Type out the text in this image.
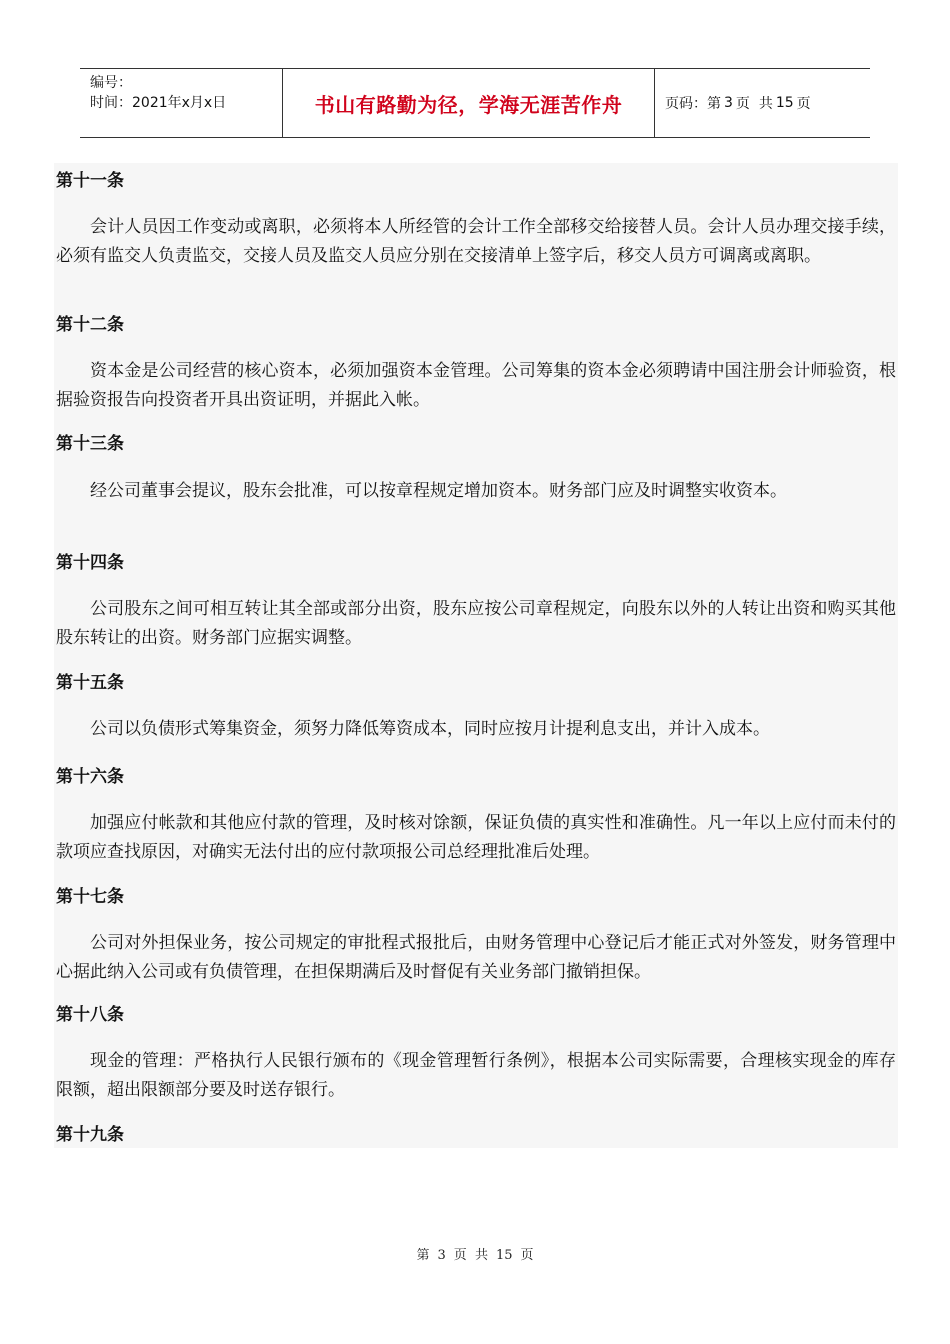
编号：
时间：2021年x月x日	书山有路勤为径，学海无涯苦作舟	页码：第 3 页  共 15 页
第十一条
会计人员因工作变动或离职，必须将本人所经管的会计工作全部移交给接替人员。会计人员办理交接手续，必须有监交人负责监交，交接人员及监交人员应分别在交接清单上签字后，移交人员方可调离或离职。
第十二条
资本金是公司经营的核心资本，必须加强资本金管理。公司筹集的资本金必须聘请中国注册会计师验资，根据验资报告向投资者开具出资证明，并据此入帐。
第十三条
经公司董事会提议，股东会批准，可以按章程规定增加资本。财务部门应及时调整实收资本。
第十四条
公司股东之间可相互转让其全部或部分出资，股东应按公司章程规定，向股东以外的人转让出资和购买其他股东转让的出资。财务部门应据实调整。
第十五条
公司以负债形式筹集资金，须努力降低筹资成本，同时应按月计提利息支出，并计入成本。
第十六条
加强应付帐款和其他应付款的管理，及时核对馀额，保证负债的真实性和准确性。凡一年以上应付而未付的款项应查找原因，对确实无法付出的应付款项报公司总经理批准后处理。
第十七条
公司对外担保业务，按公司规定的审批程式报批后，由财务管理中心登记后才能正式对外签发，财务管理中心据此纳入公司或有负债管理，在担保期满后及时督促有关业务部门撤销担保。
第十八条
现金的管理：严格执行人民银行颁布的《现金管理暂行条例》，根据本公司实际需要，合理核实现金的库存限额，超出限额部分要及时送存银行。
第十九条
第 3 页  共 15 页
